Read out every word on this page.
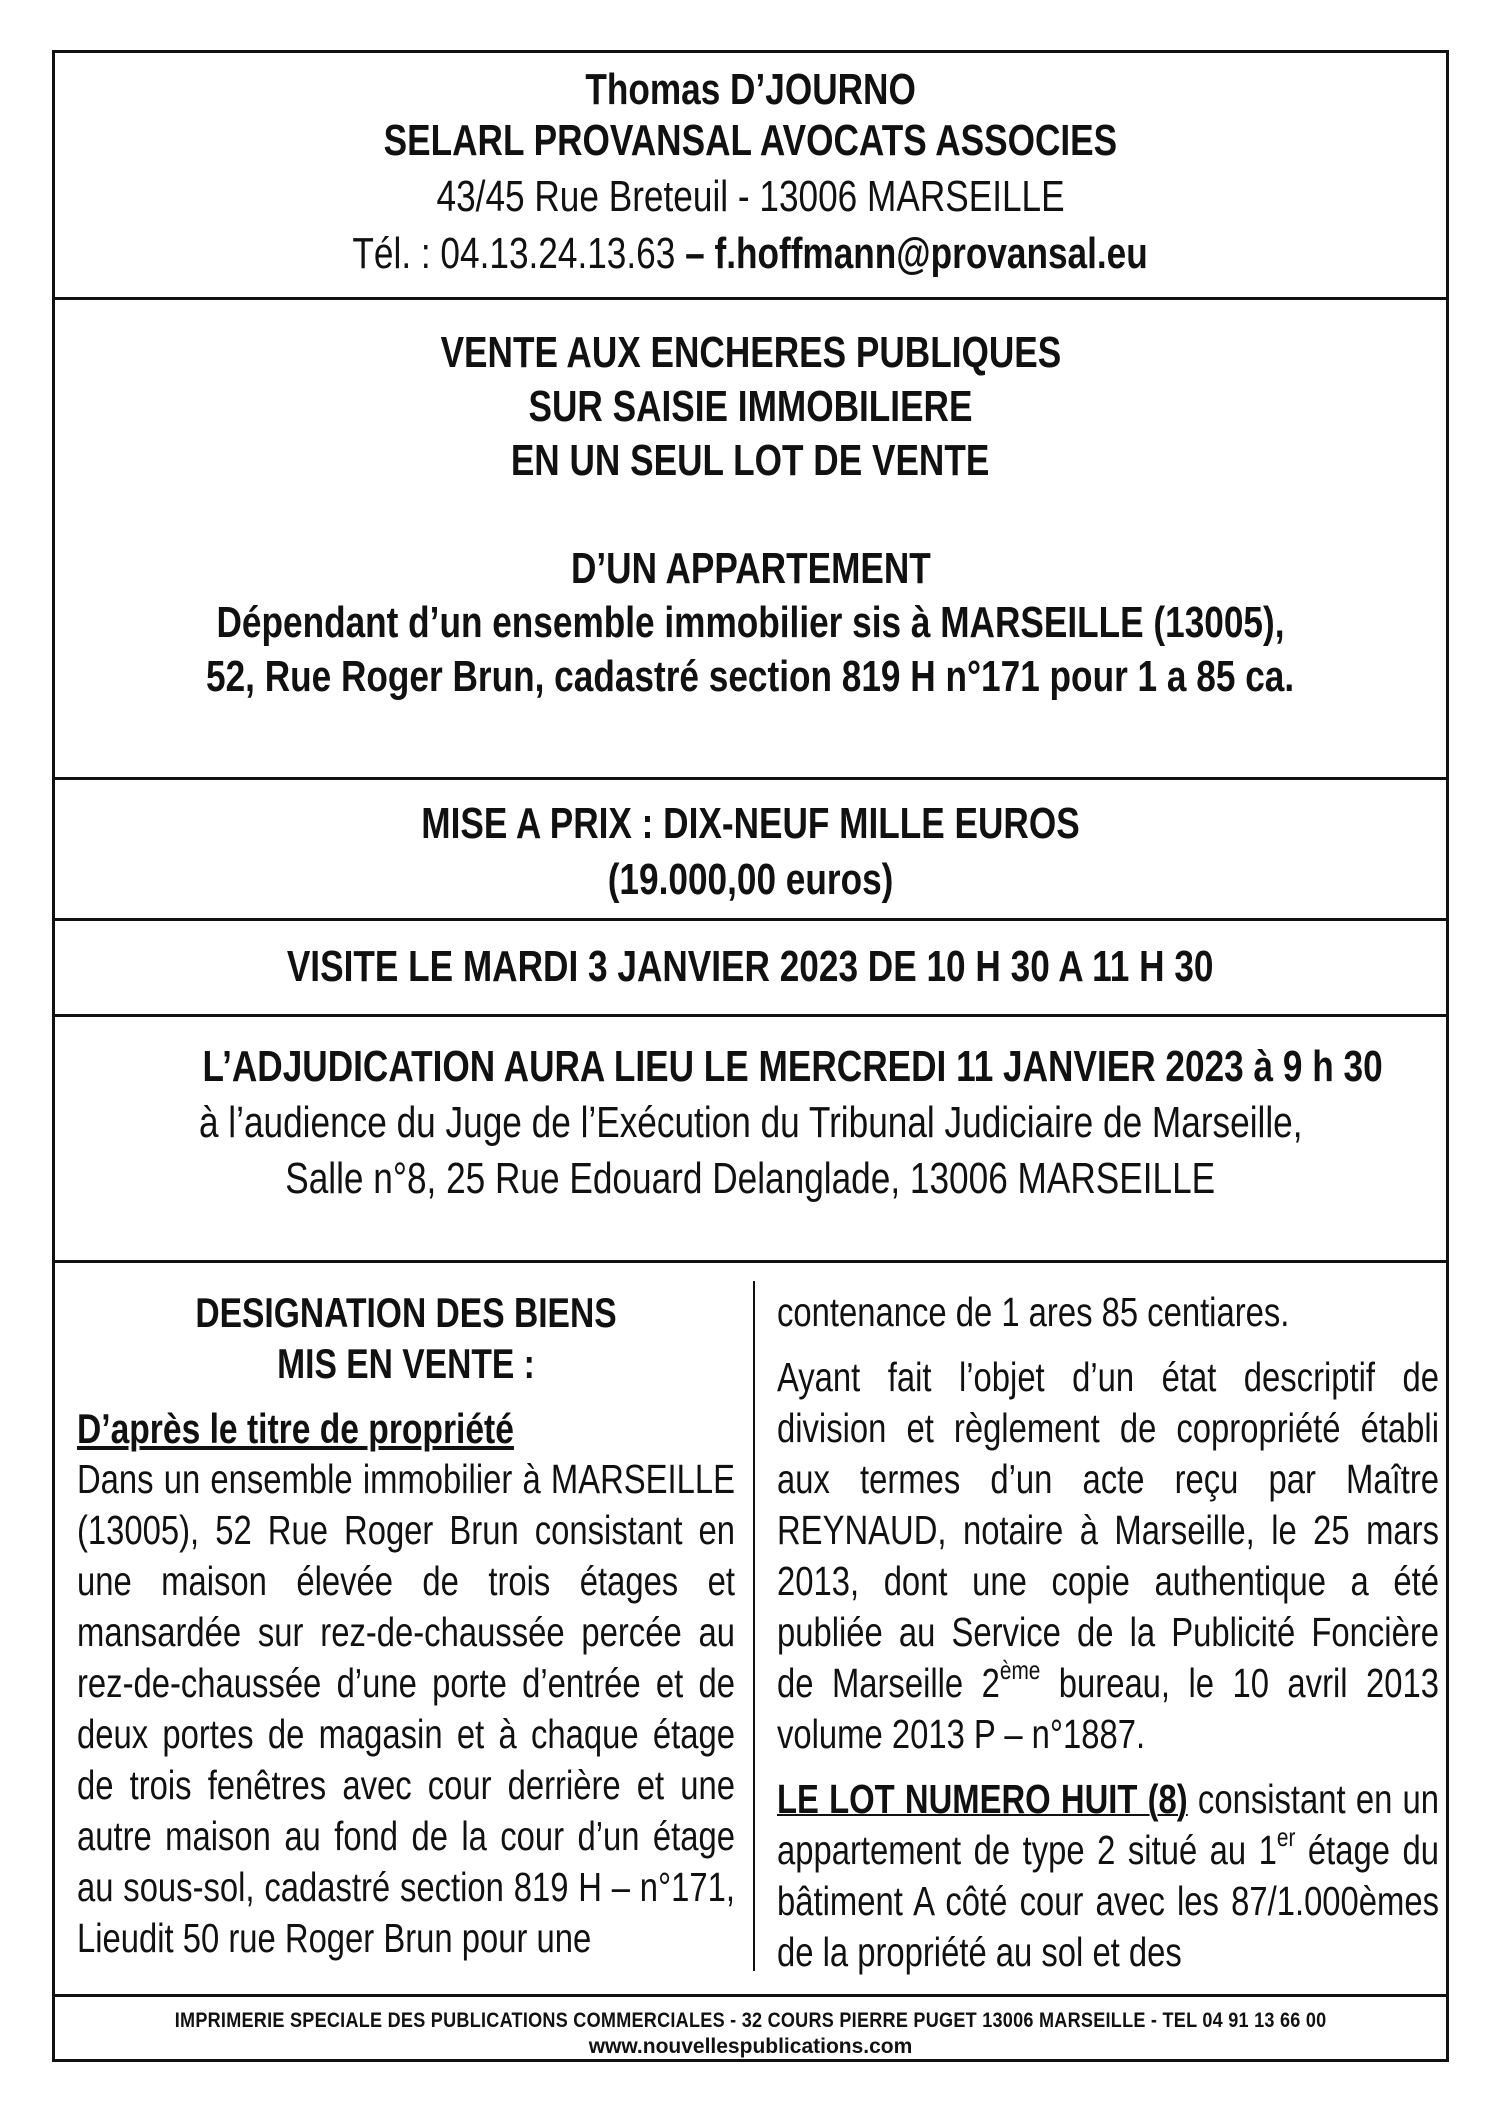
Thomas D’JOURNO
SELARL PROVANSAL AVOCATS ASSOCIES
43/45 Rue Breteuil - 13006 MARSEILLE
Tél. : 04.13.24.13.63 – f.hoffmann@provansal.eu
VENTE AUX ENCHERES PUBLIQUES
SUR SAISIE IMMOBILIERE
EN UN SEUL LOT DE VENTE
D’UN APPARTEMENT
Dépendant d’un ensemble immobilier sis à MARSEILLE (13005),
52, Rue Roger Brun, cadastré section 819 H n°171 pour 1 a 85 ca.
MISE A PRIX : DIX-NEUF MILLE EUROS
(19.000,00 euros)
VISITE LE MARDI 3 JANVIER 2023 DE 10 H 30 A 11 H 30
L’ADJUDICATION AURA LIEU LE MERCREDI 11 JANVIER 2023 à 9 h 30
à l’audience du Juge de l’Exécution du Tribunal Judiciaire de Marseille,
Salle n°8, 25 Rue Edouard Delanglade, 13006 MARSEILLE
DESIGNATION DES BIENS
MIS EN VENTE :
D’après le titre de propriété

Dans un ensemble immobilier à MARSEILLE (13005), 52 Rue Roger Brun consistant en une maison élevée de trois étages et mansardée sur rez-de-chaussée percée au rez-de-chaussée d’une porte d’entrée et de deux portes de magasin et à chaque étage de trois fenêtres avec cour derrière et une autre maison au fond de la cour d’un étage au sous-sol, cadastré section 819 H – n°171, Lieudit 50 rue Roger Brun pour une

contenance de 1 ares 85 centiares.

Ayant fait l’objet d’un état descriptif de division et règlement de copropriété établi aux termes d’un acte reçu par Maître REYNAUD, notaire à Marseille, le 25 mars 2013, dont une copie authentique a été publiée au Service de la Publicité Foncière de Marseille 2ème bureau, le 10 avril 2013 volume 2013 P – n°1887.

LE LOT NUMERO HUIT (8) consistant en un appartement de type 2 situé au 1er étage du bâtiment A côté cour avec les 87/1.000èmes de la propriété au sol et des

IMPRIMERIE SPECIALE DES PUBLICATIONS COMMERCIALES - 32 COURS PIERRE PUGET 13006 MARSEILLE - TEL 04 91 13 66 00
www.nouvellespublications.com
